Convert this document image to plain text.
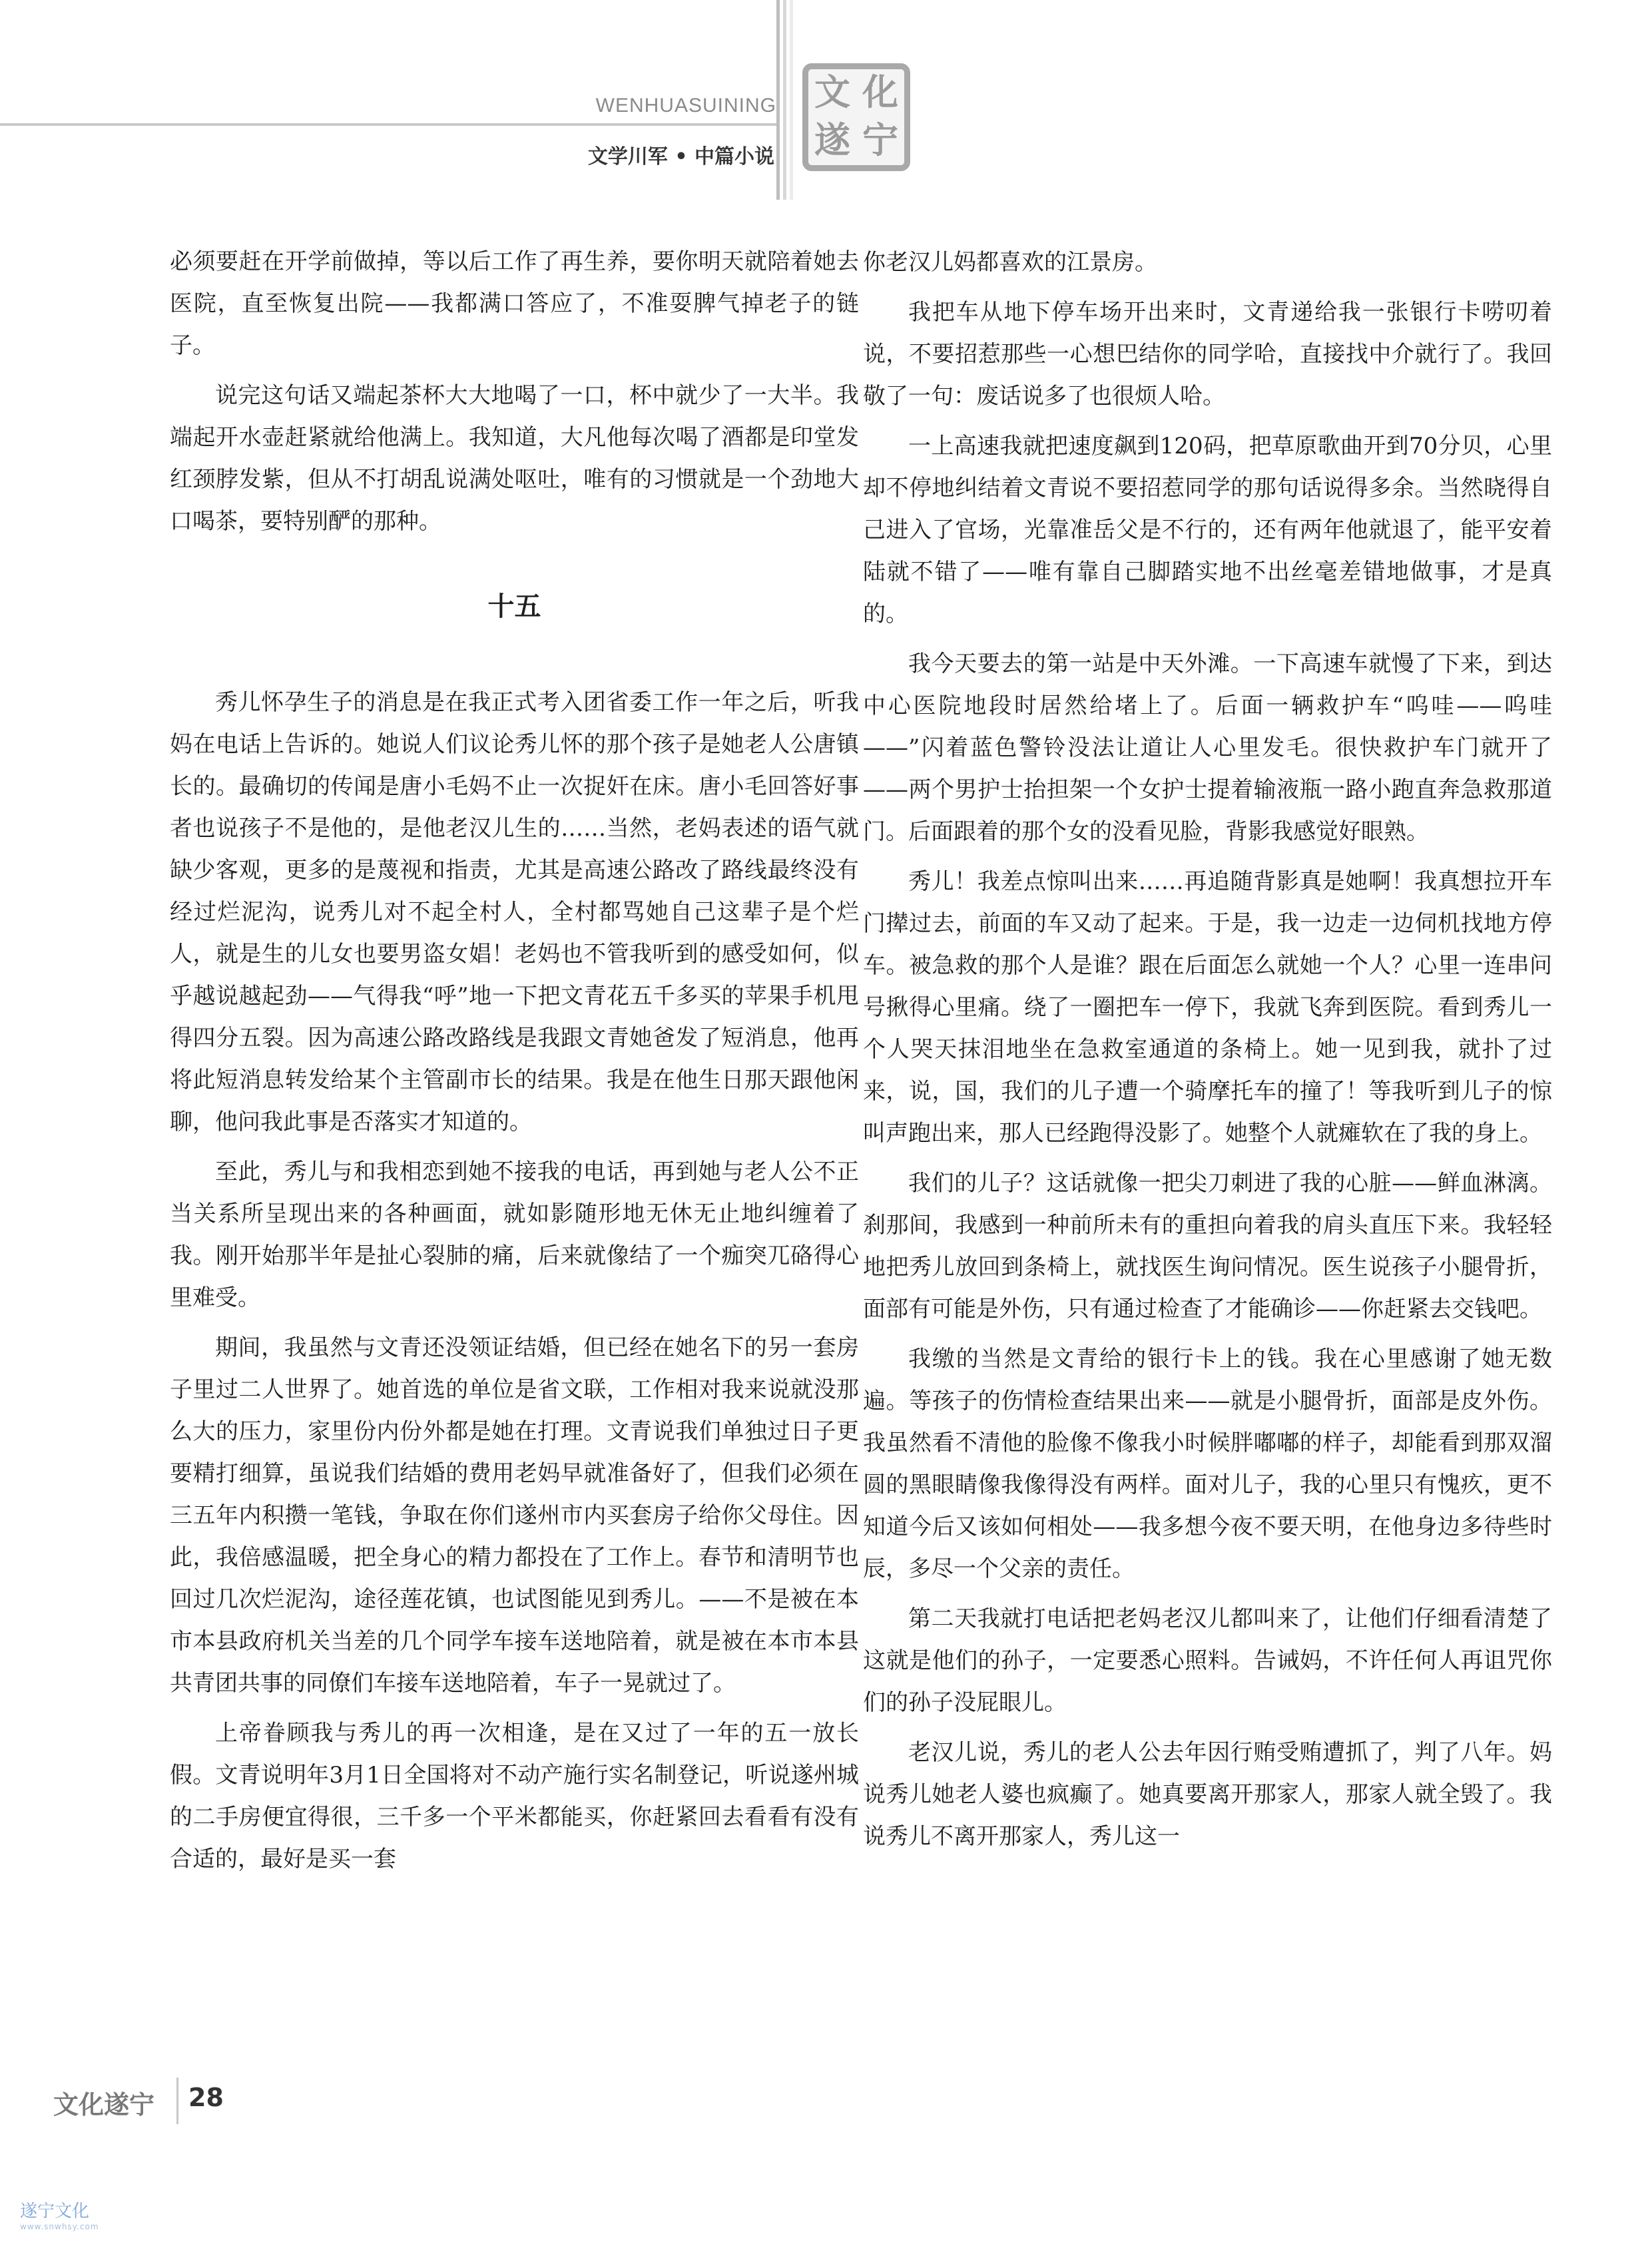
WENHUASUINING
文学川军 • 中篇小说
文 化
遂 宁

必须要赶在开学前做掉，等以后工作了再生养，要你明天就陪着她去医院，直至恢复出院——我都满口答应了，不准耍脾气掉老子的链子。

说完这句话又端起茶杯大大地喝了一口，杯中就少了一大半。我端起开水壶赶紧就给他满上。我知道，大凡他每次喝了酒都是印堂发红颈脖发紫，但从不打胡乱说满处呕吐，唯有的习惯就是一个劲地大口喝茶，要特别酽的那种。

十五

秀儿怀孕生子的消息是在我正式考入团省委工作一年之后，听我妈在电话上告诉的。她说人们议论秀儿怀的那个孩子是她老人公唐镇长的。最确切的传闻是唐小毛妈不止一次捉奸在床。唐小毛回答好事者也说孩子不是他的，是他老汉儿生的……当然，老妈表述的语气就缺少客观，更多的是蔑视和指责，尤其是高速公路改了路线最终没有经过烂泥沟，说秀儿对不起全村人，全村都骂她自己这辈子是个烂人，就是生的儿女也要男盗女娼！老妈也不管我听到的感受如何，似乎越说越起劲——气得我“呼”地一下把文青花五千多买的苹果手机甩得四分五裂。因为高速公路改路线是我跟文青她爸发了短消息，他再将此短消息转发给某个主管副市长的结果。我是在他生日那天跟他闲聊，他问我此事是否落实才知道的。

至此，秀儿与和我相恋到她不接我的电话，再到她与老人公不正当关系所呈现出来的各种画面，就如影随形地无休无止地纠缠着了我。刚开始那半年是扯心裂肺的痛，后来就像结了一个痂突兀硌得心里难受。

期间，我虽然与文青还没领证结婚，但已经在她名下的另一套房子里过二人世界了。她首选的单位是省文联，工作相对我来说就没那么大的压力，家里份内份外都是她在打理。文青说我们单独过日子更要精打细算，虽说我们结婚的费用老妈早就准备好了，但我们必须在三五年内积攒一笔钱，争取在你们遂州市内买套房子给你父母住。因此，我倍感温暖，把全身心的精力都投在了工作上。春节和清明节也回过几次烂泥沟，途径莲花镇，也试图能见到秀儿。——不是被在本市本县政府机关当差的几个同学车接车送地陪着，就是被在本市本县共青团共事的同僚们车接车送地陪着，车子一晃就过了。

上帝眷顾我与秀儿的再一次相逢，是在又过了一年的五一放长假。文青说明年3月1日全国将对不动产施行实名制登记，听说遂州城的二手房便宜得很，三千多一个平米都能买，你赶紧回去看看有没有合适的，最好是买一套

你老汉儿妈都喜欢的江景房。

我把车从地下停车场开出来时，文青递给我一张银行卡唠叨着说，不要招惹那些一心想巴结你的同学哈，直接找中介就行了。我回敬了一句：废话说多了也很烦人哈。

一上高速我就把速度飙到120码，把草原歌曲开到70分贝，心里却不停地纠结着文青说不要招惹同学的那句话说得多余。当然晓得自己进入了官场，光靠准岳父是不行的，还有两年他就退了，能平安着陆就不错了——唯有靠自己脚踏实地不出丝毫差错地做事，才是真的。

我今天要去的第一站是中天外滩。一下高速车就慢了下来，到达中心医院地段时居然给堵上了。后面一辆救护车“呜哇——呜哇——”闪着蓝色警铃没法让道让人心里发毛。很快救护车门就开了——两个男护士抬担架一个女护士提着输液瓶一路小跑直奔急救那道门。后面跟着的那个女的没看见脸，背影我感觉好眼熟。

秀儿！我差点惊叫出来……再追随背影真是她啊！我真想拉开车门撵过去，前面的车又动了起来。于是，我一边走一边伺机找地方停车。被急救的那个人是谁？跟在后面怎么就她一个人？心里一连串问号揪得心里痛。绕了一圈把车一停下，我就飞奔到医院。看到秀儿一个人哭天抹泪地坐在急救室通道的条椅上。她一见到我，就扑了过来，说，国，我们的儿子遭一个骑摩托车的撞了！等我听到儿子的惊叫声跑出来，那人已经跑得没影了。她整个人就瘫软在了我的身上。

我们的儿子？这话就像一把尖刀刺进了我的心脏——鲜血淋漓。刹那间，我感到一种前所未有的重担向着我的肩头直压下来。我轻轻地把秀儿放回到条椅上，就找医生询问情况。医生说孩子小腿骨折，面部有可能是外伤，只有通过检查了才能确诊——你赶紧去交钱吧。

我缴的当然是文青给的银行卡上的钱。我在心里感谢了她无数遍。等孩子的伤情检查结果出来——就是小腿骨折，面部是皮外伤。我虽然看不清他的脸像不像我小时候胖嘟嘟的样子，却能看到那双溜圆的黑眼睛像我像得没有两样。面对儿子，我的心里只有愧疚，更不知道今后又该如何相处——我多想今夜不要天明，在他身边多待些时辰，多尽一个父亲的责任。

第二天我就打电话把老妈老汉儿都叫来了，让他们仔细看清楚了这就是他们的孙子，一定要悉心照料。告诫妈，不许任何人再诅咒你们的孙子没屁眼儿。

老汉儿说，秀儿的老人公去年因行贿受贿遭抓了，判了八年。妈说秀儿她老人婆也疯癫了。她真要离开那家人，那家人就全毁了。我说秀儿不离开那家人，秀儿这一

文化遂宁 28
遂宁文化
www.snwhsy.com
